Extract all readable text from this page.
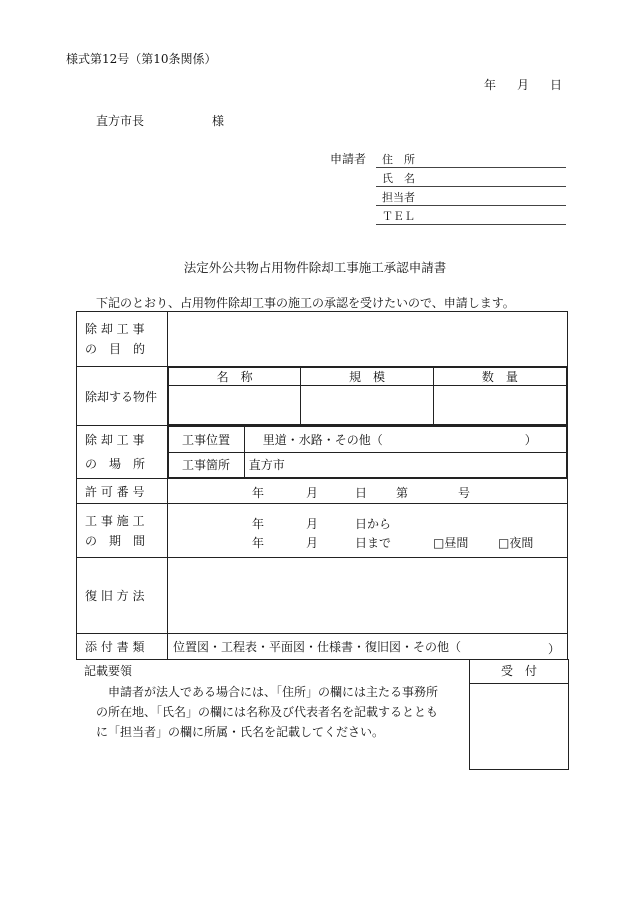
様式第12号（第10条関係）
年 月 日
直方市長	様
申請者 住　所
氏　名
担当者
ＴＥＬ
法定外公共物占用物件除却工事施工承認申請書
下記のとおり、占用物件除却工事の施工の承認を受けたいので、申請します。
除 却 工 事
の　目　的

除却する物件	
名　称	規　模	数　量

除 却 工 事
の　場　所

工事位置	里道・水路・その他（	）

工事箇所	直方市

許 可 番 号	年	月	日 第	号

工 事 施 工
の　期　間

年	月	日から
年	月	日まで	□昼間 □夜間

復 旧 方 法	
添 付 書 類	位置図・工程表・平面図・仕様書・復旧図・その他（	）
記載要領
申請者が法人である場合には、「住所」の欄には主たる事務所
の所在地、「氏名」の欄には名称及び代表者名を記載するととも
に「担当者」の欄に所属・氏名を記載してください。
受　付
